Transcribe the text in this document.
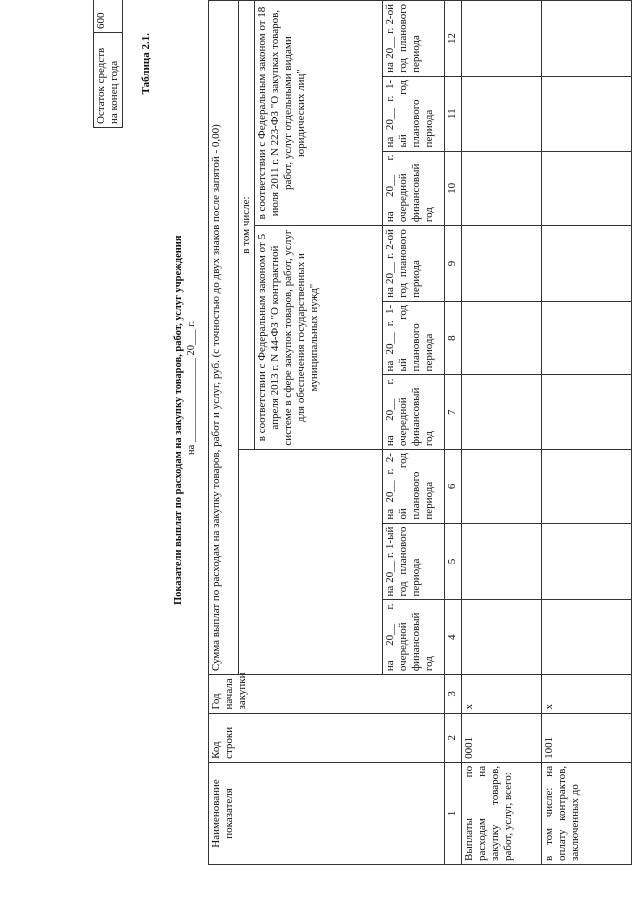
Остаток средств на конец года	600								
Таблица 2.1.
Показатели выплат по расходам на закупку товаров, работ, услуг учреждения на ________________ 20___ г.
Наименование показателя	Код строки	Год начала закупки	Сумма выплат по расходам на закупку товаров, работ и услуг, руб. (с точностью до двух знаков после запятой - 0,00)								
						в том числе:					
						в соответствии с Федеральным законом от 5 апреля 2013 г. N 44-ФЗ "О контрактной системе в сфере закупок товаров, работ, услуг для обеспечения государственных и муниципальных нужд"			в соответствии с Федеральным законом от 18 июля 2011 г. N 223-ФЗ "О закупках товаров, работ, услуг отдельными видами юридических лиц"		
			на 20__ г. очередной финансовый год	на 20__ г. 1-ый год планового периода	на 20__ г. 2-ой год планового периода	на 20__ г. очередной финансовый год	на 20__ г. 1-ый год планового периода	на 20__ г. 2-ой год планового периода	на 20__ г. очередной финансовый год	на 20__ г. 1-ый год планового периода	на 20__ г. 2-ой год планового периода
1	2	3	4	5	6	7	8	9	10	11	12
Выплаты по расходам на закупку товаров, работ, услуг, всего:	0001	х									
в том числе: на оплату контрактов, заключенных до	1001	х									
